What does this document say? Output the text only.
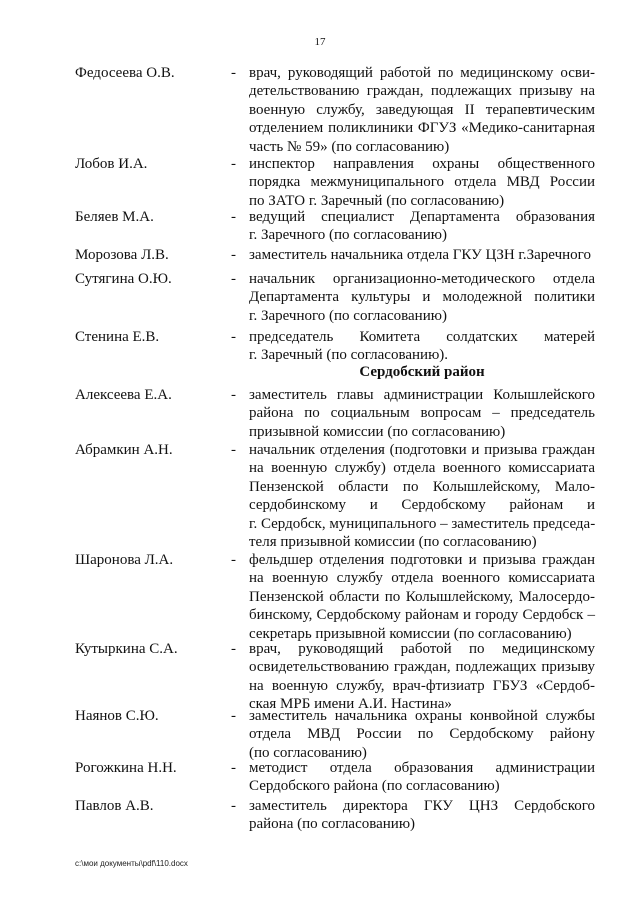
17
Федосеева О.В.	- врач, руководящий работой по медицинскому осви-
детельствованию граждан, подлежащих призыву на
военную службу, заведующая II терапевтическим
отделением поликлиники ФГУЗ «Медико-санитарная
часть № 59» (по согласованию)
Лобов И.А.	- инспектор направления охраны общественного
порядка межмуниципального отдела МВД России
по ЗАТО г. Заречный (по согласованию)
Беляев М.А.	- ведущий специалист Департамента образования
г. Заречного (по согласованию)
Морозова Л.В.	- заместитель начальника отдела ГКУ ЦЗН г.Заречного
Сутягина О.Ю.	- начальник организационно-методического отдела
Департамента культуры и молодежной политики
г. Заречного (по согласованию)
Стенина Е.В.	- председатель Комитета солдатских матерей
г. Заречный (по согласованию).
Сердобский район
Алексеева Е.А.	- заместитель главы администрации Колышлейского
района по социальным вопросам – председатель
призывной комиссии (по согласованию)
Абрамкин А.Н.	- начальник отделения (подготовки и призыва граждан
на военную службу) отдела военного комиссариата
Пензенской области по Колышлейскому, Мало-
сердобинскому и Сердобскому районам и
г. Сердобск, муниципального – заместитель председа-
теля призывной комиссии (по согласованию)
Шаронова Л.А.	- фельдшер отделения подготовки и призыва граждан
на военную службу отдела военного комиссариата
Пензенской области по Колышлейскому, Малосердо-
бинскому, Сердобскому районам и городу Сердобск –
секретарь призывной комиссии (по согласованию)
Кутыркина С.А.	- врач, руководящий работой по медицинскому
освидетельствованию граждан, подлежащих призыву
на военную службу, врач-фтизиатр ГБУЗ «Сердоб-
ская МРБ имени А.И. Настина»
Наянов С.Ю.	- заместитель начальника охраны конвойной службы
отдела МВД России по Сердобскому району
(по согласованию)
Рогожкина Н.Н.	- методист отдела образования администрации
Сердобского района (по согласованию)
Павлов А.В.	- заместитель директора ГКУ ЦНЗ Сердобского
района (по согласованию)
c:\мои документы\pdf\110.docx
